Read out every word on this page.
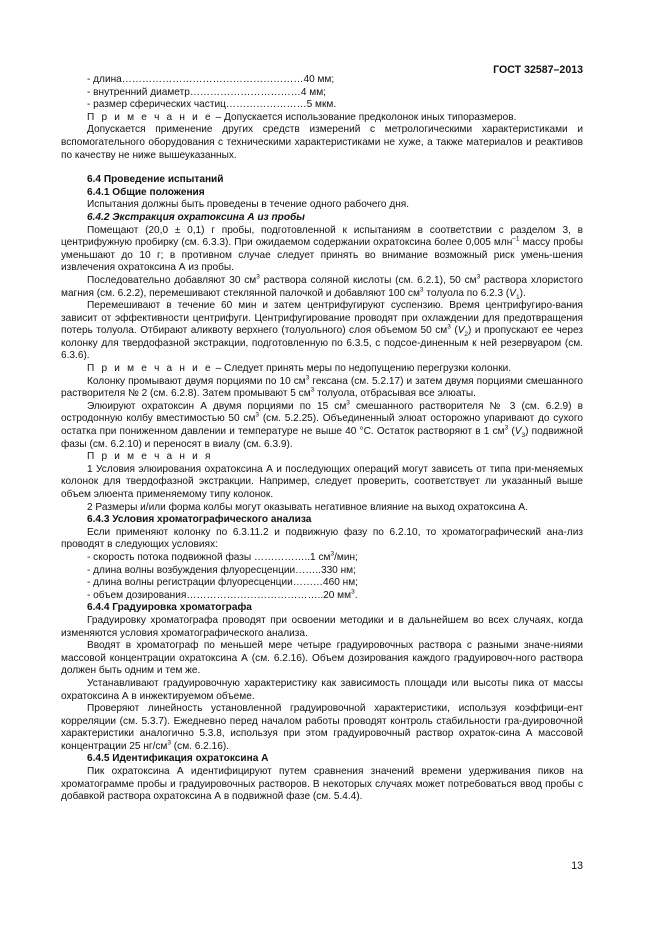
ГОСТ 32587–2013
- длина………………………………………………40 мм;
- внутренний диаметр……………………………4 мм;
- размер сферических частиц……………………5 мкм.
П р и м е ч а н и е – Допускается использование предколонок иных типоразмеров.
Допускается применение других средств измерений с метрологическими характеристиками и вспомогательного оборудования с техническими характеристиками не хуже, а также материалов и реактивов по качеству не ниже вышеуказанных.
6.4 Проведение испытаний
6.4.1 Общие положения
Испытания должны быть проведены в течение одного рабочего дня.
6.4.2 Экстракция охратоксина А из пробы
Помещают (20,0 ± 0,1) г пробы, подготовленной к испытаниям в соответствии с разделом 3, в центрифужную пробирку (см. 6.3.3). При ожидаемом содержании охратоксина более 0,005 млн$^{-1}$ массу пробы уменьшают до 10 г; в противном случае следует принять во внимание возможный риск умень-шения извлечения охратоксина А из пробы.
Последовательно добавляют 30 $см^3$ раствора соляной кислоты (см. 6.2.1), 50 $см^3$ раствора хлористого магния (см. 6.2.2), перемешивают стеклянной палочкой и добавляют 100 $см^3$ толуола по 6.2.3 $(V_1)$.
Перемешивают в течение 60 мин и затем центрифугируют суспензию. Время центрифугиро-вания зависит от эффективности центрифуги. Центрифугирование проводят при охлаждении для предотвращения потерь толуола. Отбирают аликвоту верхнего (толуольного) слоя объемом 50 $см^3$ $(V_2)$ и пропускают ее через колонку для твердофазной экстракции, подготовленную по 6.3.5, с подсое-диненным к ней резервуаром (см. 6.3.6).
П р и м е ч а н и е – Следует принять меры по недопущению перегрузки колонки.
Колонку промывают двумя порциями по 10 $см^3$ гексана (см. 5.2.17) и затем двумя порциями смешанного растворителя № 2 (см. 6.2.8). Затем промывают 5 $см^3$ толуола, отбрасывая все элюаты.
Элюируют охратоксин А двумя порциями по 15 $см^3$ смешанного растворителя № 3 (см. 6.2.9) в остродонную колбу вместимостью 50 $см^3$ (см. 5.2.25). Объединенный элюат осторожно упаривают до сухого остатка при пониженном давлении и температуре не выше 40 °C. Остаток растворяют в 1 $см^3$ $(V_3)$ подвижной фазы (см. 6.2.10) и переносят в виалу (см. 6.3.9).
П р и м е ч а н и я
1 Условия элюирования охратоксина А и последующих операций могут зависеть от типа при-меняемых колонок для твердофазной экстракции. Например, следует проверить, соответствует ли указанный выше объем элюента применяемому типу колонок.
2 Размеры и/или форма колбы могут оказывать негативное влияние на выход охратоксина А.
6.4.3 Условия хроматографического анализа
Если применяют колонку по 6.3.11.2 и подвижную фазу по 6.2.10, то хроматографический ана-лиз проводят в следующих условиях:
- скорость потока подвижной фазы ……………..1 $см^3$/мин;
- длина волны возбуждения флуоресценции……..330 нм;
- длина волны регистрации флуоресценции………460 нм;
- объем дозирования…………………………………..20 $мм^3$.
6.4.4 Градуировка хроматографа
Градуировку хроматографа проводят при освоении методики и в дальнейшем во всех случаях, когда изменяются условия хроматографического анализа.
Вводят в хроматограф по меньшей мере четыре градуировочных раствора с разными значе-ниями массовой концентрации охратоксина А (см. 6.2.16). Объем дозирования каждого градуировоч-ного раствора должен быть одним и тем же.
Устанавливают градуировочную характеристику как зависимость площади или высоты пика от массы охратоксина А в инжектируемом объеме.
Проверяют линейность установленной градуировочной характеристики, используя коэффици-ент корреляции (см. 5.3.7). Ежедневно перед началом работы проводят контроль стабильности гра-дуировочной характеристики аналогично 5.3.8, используя при этом градуировочный раствор охраток-сина А массовой концентрации 25 $нг/см^3$ (см. 6.2.16).
6.4.5 Идентификация охратоксина А
Пик охратоксина А идентифицируют путем сравнения значений времени удерживания пиков на хроматограмме пробы и градуировочных растворов. В некоторых случаях может потребоваться ввод пробы с добавкой раствора охратоксина А в подвижной фазе (см. 5.4.4).
13
